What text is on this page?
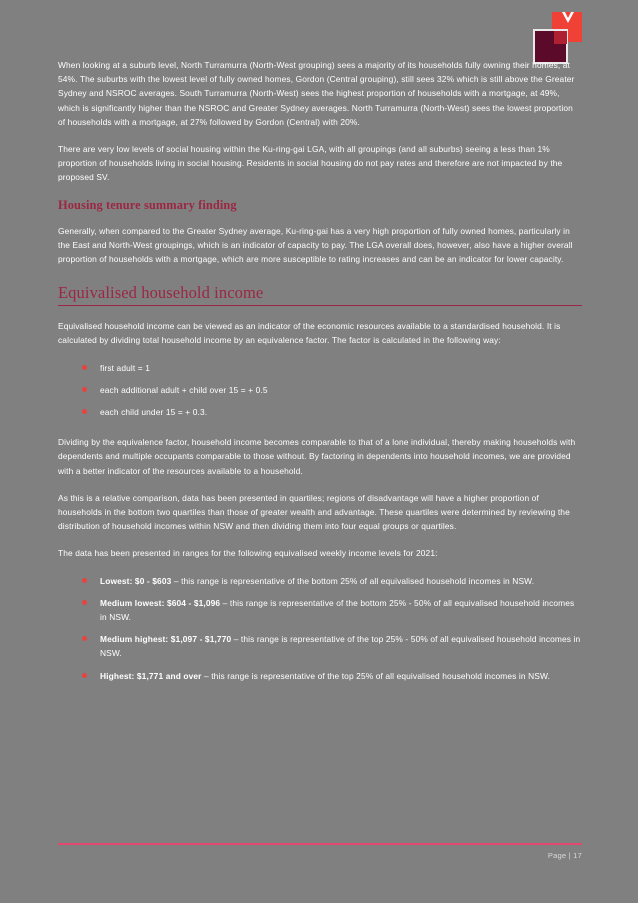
When looking at a suburb level, North Turramurra (North-West grouping) sees a majority of its households fully owning their homes, at 54%. The suburbs with the lowest level of fully owned homes, Gordon (Central grouping), still sees 32% which is still above the Greater Sydney and NSROC averages. South Turramurra (North-West) sees the highest proportion of households with a mortgage, at 49%, which is significantly higher than the NSROC and Greater Sydney averages. North Turramurra (North-West) sees the lowest proportion of households with a mortgage, at 27% followed by Gordon (Central) with 20%.

There are very low levels of social housing within the Ku-ring-gai LGA, with all groupings (and all suburbs) seeing a less than 1% proportion of households living in social housing. Residents in social housing do not pay rates and therefore are not impacted by the proposed SV.

Housing tenure summary finding

Generally, when compared to the Greater Sydney average, Ku-ring-gai has a very high proportion of fully owned homes, particularly in the East and North-West groupings, which is an indicator of capacity to pay. The LGA overall does, however, also have a higher overall proportion of households with a mortgage, which are more susceptible to rating increases and can be an indicator for lower capacity.

Equivalised household income

Equivalised household income can be viewed as an indicator of the economic resources available to a standardised household. It is calculated by dividing total household income by an equivalence factor. The factor is calculated in the following way:

first adult = 1
each additional adult + child over 15 = + 0.5
each child under 15 = + 0.3.

Dividing by the equivalence factor, household income becomes comparable to that of a lone individual, thereby making households with dependents and multiple occupants comparable to those without. By factoring in dependents into household incomes, we are provided with a better indicator of the resources available to a household.

As this is a relative comparison, data has been presented in quartiles; regions of disadvantage will have a higher proportion of households in the bottom two quartiles than those of greater wealth and advantage. These quartiles were determined by reviewing the distribution of household incomes within NSW and then dividing them into four equal groups or quartiles.

The data has been presented in ranges for the following equivalised weekly income levels for 2021:

Lowest: $0 - $603 – this range is representative of the bottom 25% of all equivalised household incomes in NSW.
Medium lowest: $604 - $1,096 – this range is representative of the bottom 25% - 50% of all equivalised household incomes in NSW.
Medium highest: $1,097 - $1,770 – this range is representative of the top 25% - 50% of all equivalised household incomes in NSW.
Highest: $1,771 and over – this range is representative of the top 25% of all equivalised household incomes in NSW.
Page | 17
